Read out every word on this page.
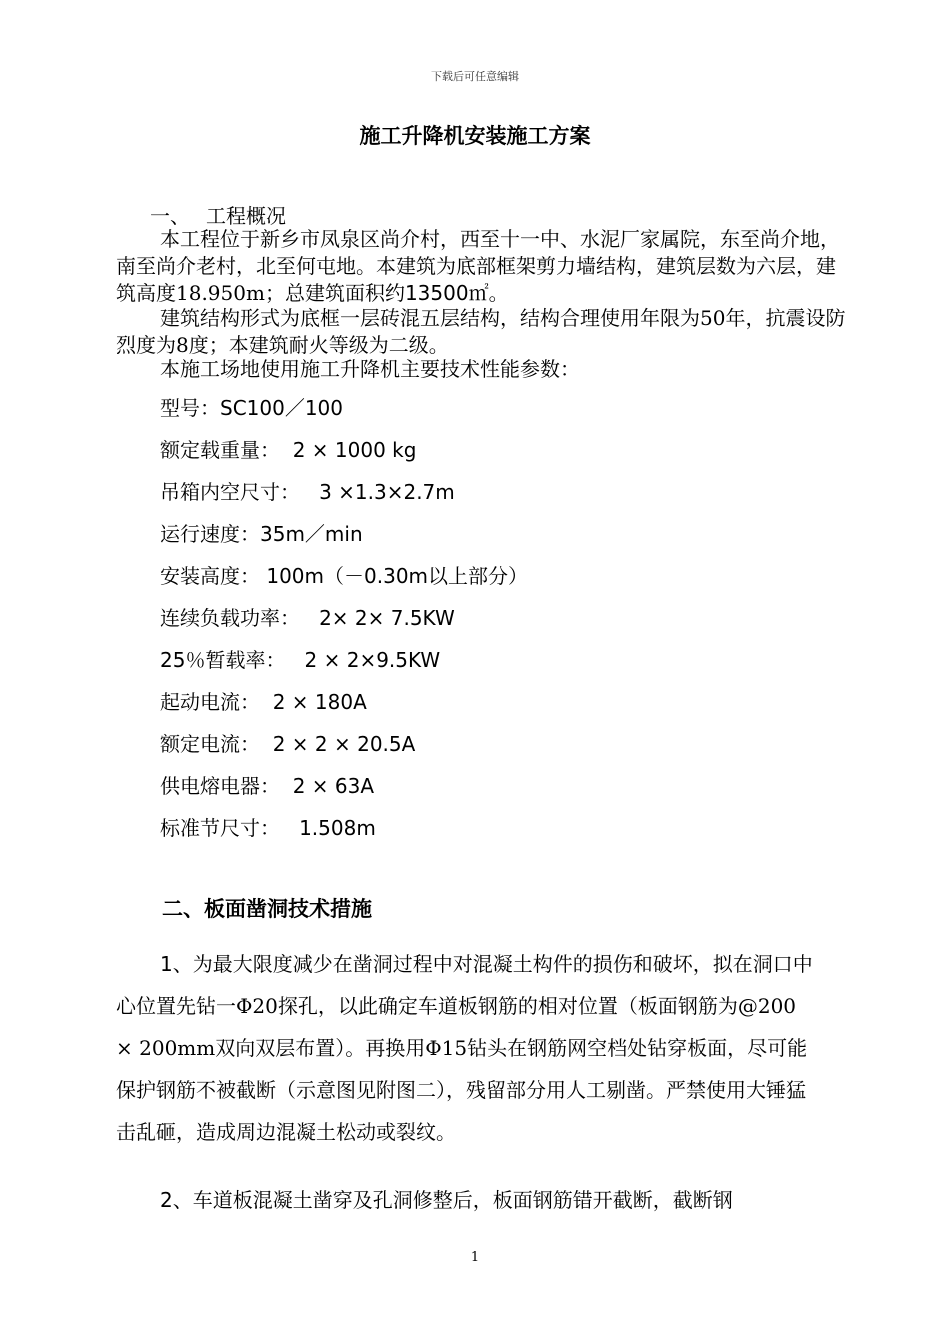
下载后可任意编辑
施工升降机安装施工方案
一、 工程概况

本工程位于新乡市凤泉区尚介村，西至十一中、水泥厂家属院，东至尚介地，南至尚介老村，北至何屯地。本建筑为底部框架剪力墙结构，建筑层数为六层，建筑高度18.950m；总建筑面积约13500㎡。

建筑结构形式为底框一层砖混五层结构，结构合理使用年限为50年，抗震设防烈度为8度；本建筑耐火等级为二级。

本施工场地使用施工升降机主要技术性能参数：

型号：SC100／100
额定载重量：  2 × 1000 kg
吊箱内空尺寸：   3 ×1.3×2.7m
运行速度：35m／min
安装高度： 100m（－0.30m以上部分）
连续负载功率：   2× 2× 7.5KW
25％暂载率：   2 × 2×9.5KW
起动电流：  2 × 180A
额定电流：  2 × 2 × 20.5A
供电熔电器：  2 × 63A
标准节尺寸：   1.508m
二、板面凿洞技术措施

1、为最大限度减少在凿洞过程中对混凝土构件的损伤和破坏，拟在洞口中心位置先钻一Φ20探孔，以此确定车道板钢筋的相对位置（板面钢筋为@200 × 200mm双向双层布置）。再换用Φ15钻头在钢筋网空档处钻穿板面，尽可能保护钢筋不被截断（示意图见附图二），残留部分用人工剔凿。严禁使用大锤猛击乱砸，造成周边混凝土松动或裂纹。

2、车道板混凝土凿穿及孔洞修整后，板面钢筋错开截断，截断钢

1
